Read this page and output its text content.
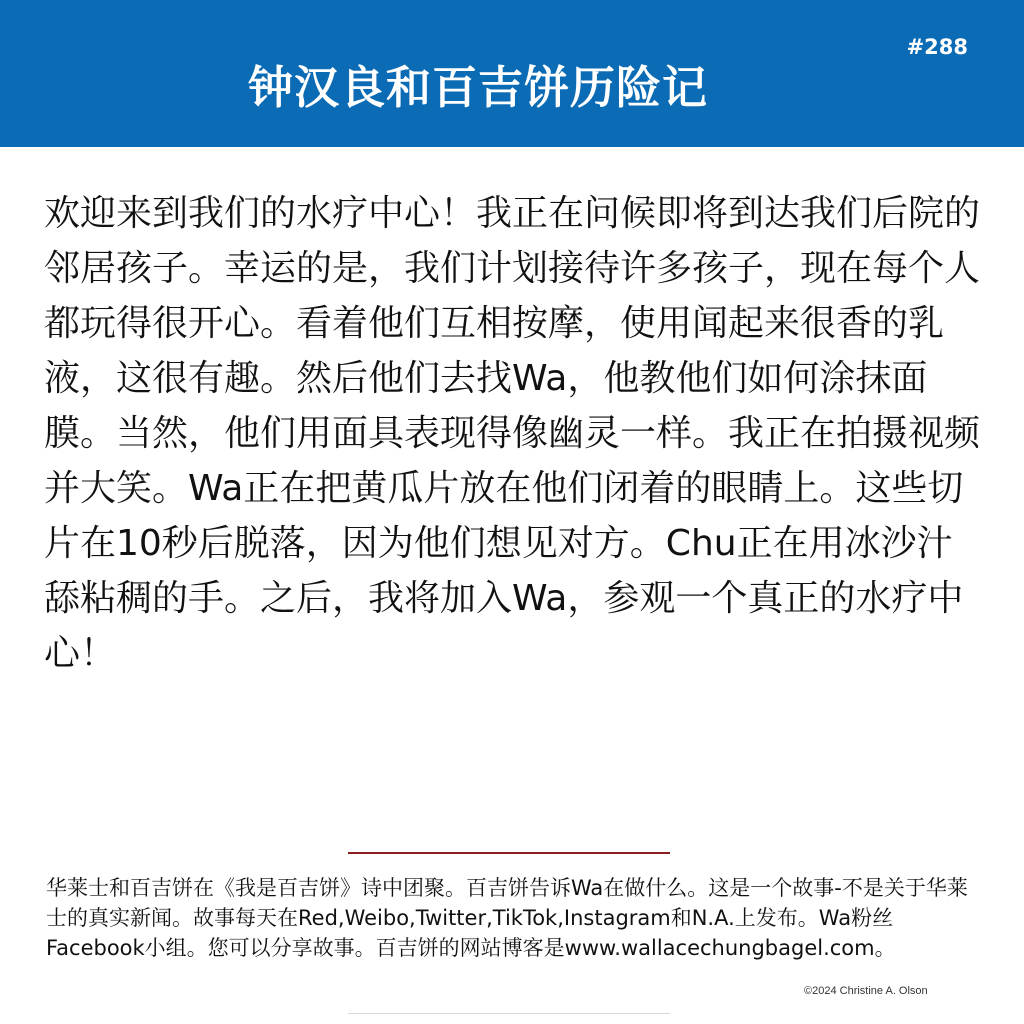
#288
钟汉良和百吉饼历险记

欢迎来到我们的水疗中心！我正在问候即将到达我们后院的邻居孩子。幸运的是，我们计划接待许多孩子，现在每个人都玩得很开心。看着他们互相按摩，使用闻起来很香的乳液，这很有趣。然后他们去找Wa，他教他们如何涂抹面膜。当然，他们用面具表现得像幽灵一样。我正在拍摄视频并大笑。Wa正在把黄瓜片放在他们闭着的眼睛上。这些切片在10秒后脱落，因为他们想见对方。Chu正在用冰沙汁舔粘稠的手。之后，我将加入Wa，参观一个真正的水疗中心！

华莱士和百吉饼在《我是百吉饼》诗中团聚。百吉饼告诉Wa在做什么。这是一个故事-不是关于华莱士的真实新闻。故事每天在Red,Weibo,Twitter,TikTok,Instagram和N.A.上发布。Wa粉丝Facebook小组。您可以分享故事。百吉饼的网站博客是www.wallacechungbagel.com。

©2024 Christine A. Olson
